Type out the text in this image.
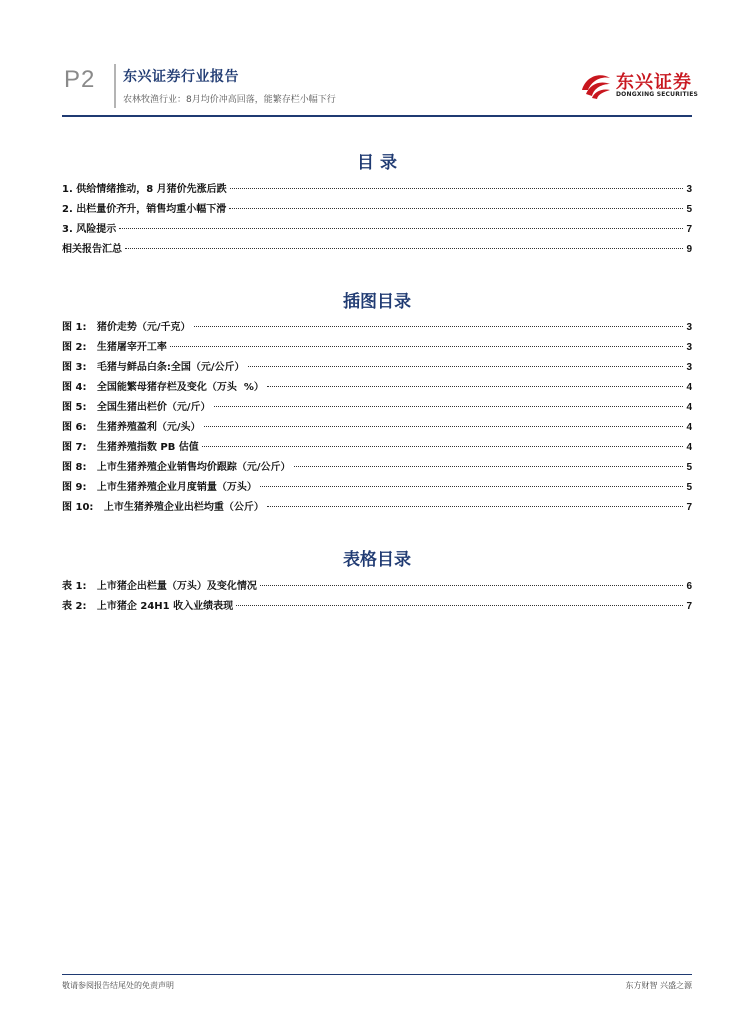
P2 东兴证券行业报告
农林牧渔行业：8月均价冲高回落，能繁存栏小幅下行
东兴证券
DONGXING SECURITIES
目 录
1. 供给情绪推动，8 月猪价先涨后跌	3
2. 出栏量价齐升，销售均重小幅下滑	5
3. 风险提示	7
相关报告汇总	9
插图目录
图 1:   猪价走势（元/千克）	3
图 2:   生猪屠宰开工率	3
图 3:   毛猪与鲜品白条:全国（元/公斤）	3
图 4:   全国能繁母猪存栏及变化（万头  %）	4
图 5:   全国生猪出栏价（元/斤）	4
图 6:   生猪养殖盈利（元/头）	4
图 7:   生猪养殖指数 PB 估值	4
图 8:   上市生猪养殖企业销售均价跟踪（元/公斤）	5
图 9:   上市生猪养殖企业月度销量（万头）	5
图 10:   上市生猪养殖企业出栏均重（公斤）	7
表格目录
表 1:   上市猪企出栏量（万头）及变化情况	6
表 2:   上市猪企 24H1 收入业绩表现	7
敬请参阅报告结尾处的免责声明	东方财智 兴盛之源
